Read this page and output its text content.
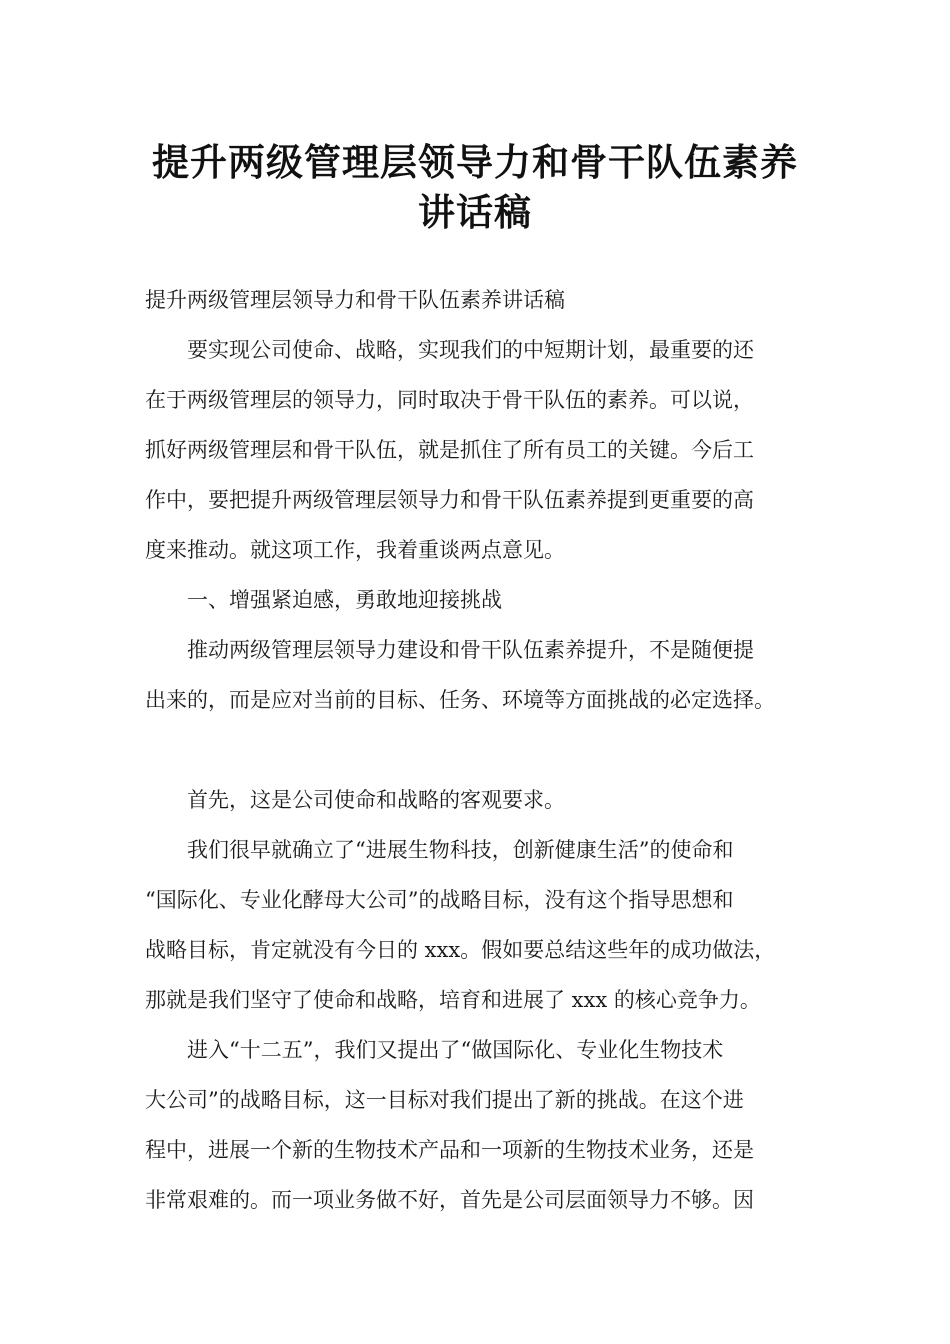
提升两级管理层领导力和骨干队伍素养
讲话稿

提升两级管理层领导力和骨干队伍素养讲话稿

　　要实现公司使命、战略，实现我们的中短期计划，最重要的还

在于两级管理层的领导力，同时取决于骨干队伍的素养。可以说，

抓好两级管理层和骨干队伍，就是抓住了所有员工的关键。今后工

作中，要把提升两级管理层领导力和骨干队伍素养提到更重要的高

度来推动。就这项工作，我着重谈两点意见。

　　一、增强紧迫感，勇敢地迎接挑战

　　推动两级管理层领导力建设和骨干队伍素养提升，不是随便提

出来的，而是应对当前的目标、任务、环境等方面挑战的必定选择。

　　首先，这是公司使命和战略的客观要求。

　　我们很早就确立了“进展生物科技，创新健康生活”的使命和

“国际化、专业化酵母大公司”的战略目标，没有这个指导思想和

战略目标，肯定就没有今日的 xxx。假如要总结这些年的成功做法，

那就是我们坚守了使命和战略，培育和进展了 xxx 的核心竞争力。

　　进入“十二五”，我们又提出了“做国际化、专业化生物技术

大公司”的战略目标，这一目标对我们提出了新的挑战。在这个进

程中，进展一个新的生物技术产品和一项新的生物技术业务，还是

非常艰难的。而一项业务做不好，首先是公司层面领导力不够。因
